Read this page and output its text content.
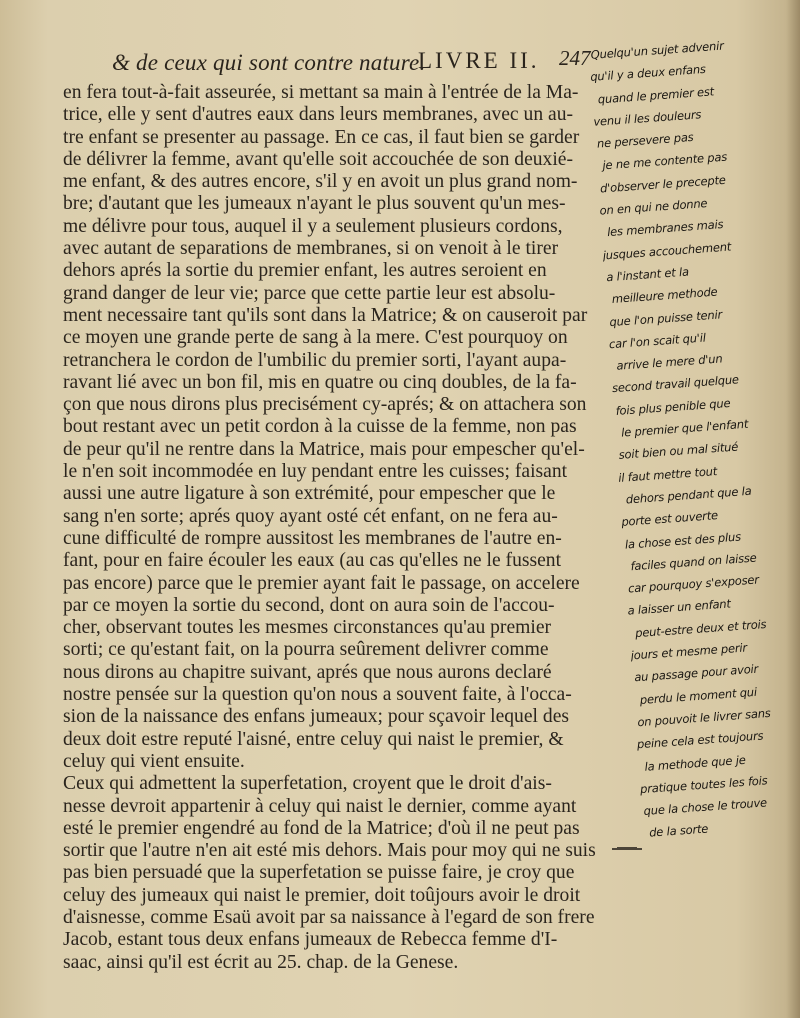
& de ceux qui sont contre nature.
LIVRE II. 247
en fera tout-à-fait asseurée, si mettant sa main à l'entrée de la Ma-
trice, elle y sent d'autres eaux dans leurs membranes, avec un au-
tre enfant se presenter au passage. En ce cas, il faut bien se garder
de délivrer la femme, avant qu'elle soit accouchée de son deuxié-
me enfant, & des autres encore, s'il y en avoit un plus grand nom-
bre; d'autant que les jumeaux n'ayant le plus souvent qu'un mes-
me délivre pour tous, auquel il y a seulement plusieurs cordons,
avec autant de separations de membranes, si on venoit à le tirer
dehors aprés la sortie du premier enfant, les autres seroient en
grand danger de leur vie; parce que cette partie leur est absolu-
ment necessaire tant qu'ils sont dans la Matrice; & on causeroit par
ce moyen une grande perte de sang à la mere. C'est pourquoy on
retranchera le cordon de l'umbilic du premier sorti, l'ayant aupa-
ravant lié avec un bon fil, mis en quatre ou cinq doubles, de la fa-
çon que nous dirons plus precisément cy-aprés; & on attachera son
bout restant avec un petit cordon à la cuisse de la femme, non pas
de peur qu'il ne rentre dans la Matrice, mais pour empescher qu'el-
le n'en soit incommodée en luy pendant entre les cuisses; faisant
aussi une autre ligature à son extrémité, pour empescher que le
sang n'en sorte; aprés quoy ayant osté cét enfant, on ne fera au-
cune difficulté de rompre aussitost les membranes de l'autre en-
fant, pour en faire écouler les eaux (au cas qu'elles ne le fussent
pas encore) parce que le premier ayant fait le passage, on accelere
par ce moyen la sortie du second, dont on aura soin de l'accou-
cher, observant toutes les mesmes circonstances qu'au premier
sorti; ce qu'estant fait, on la pourra seûrement delivrer comme
nous dirons au chapitre suivant, aprés que nous aurons declaré
nostre pensée sur la question qu'on nous a souvent faite, à l'occa-
sion de la naissance des enfans jumeaux; pour sçavoir lequel des
deux doit estre reputé l'aisné, entre celuy qui naist le premier, &
celuy qui vient ensuite.
Ceux qui admettent la superfetation, croyent que le droit d'ais-
nesse devroit appartenir à celuy qui naist le dernier, comme ayant
esté le premier engendré au fond de la Matrice; d'où il ne peut pas
sortir que l'autre n'en ait esté mis dehors. Mais pour moy qui ne suis
pas bien persuadé que la superfetation se puisse faire, je croy que
celuy des jumeaux qui naist le premier, doit toûjours avoir le droit
d'aisnesse, comme Esaü avoit par sa naissance à l'egard de son frere
Jacob, estant tous deux enfans jumeaux de Rebecca femme d'I-
saac, ainsi qu'il est écrit au 25. chap. de la Genese.
Quelqu'un sujet advenir
qu'il y a deux enfans
quand le premier est
venu il les douleurs
ne persevere pas
je ne me contente pas
d'observer le precepte
on en qui ne donne
les membranes mais
jusques accouchement
a l'instant et la
meilleure methode
que l'on puisse tenir
car l'on scait qu'il
arrive le mere d'un
second travail quelque
fois plus penible que
le premier que l'enfant
soit bien ou mal situé
il faut mettre tout
dehors pendant que la
porte est ouverte
la chose est des plus
faciles quand on laisse
car pourquoy s'exposer
a laisser un enfant
peut-estre deux et trois
jours et mesme perir
au passage pour avoir
perdu le moment qui
on pouvoit le livrer sans
peine cela est toujours
la methode que je
pratique toutes les fois
que la chose le trouve
de la sorte
